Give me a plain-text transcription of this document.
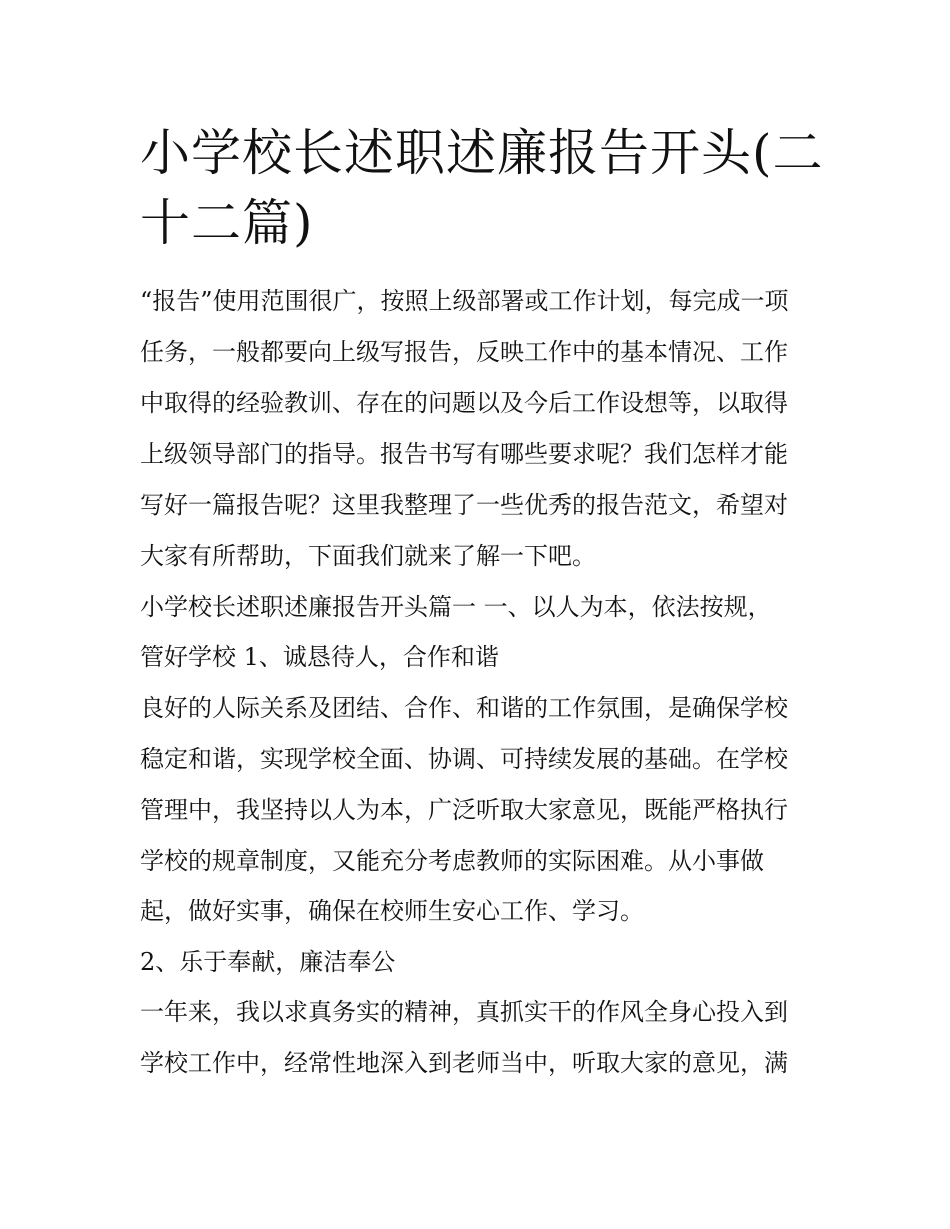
小学校长述职述廉报告开头(二
十二篇)

“报告”使用范围很广，按照上级部署或工作计划，每完成一项

任务，一般都要向上级写报告，反映工作中的基本情况、工作

中取得的经验教训、存在的问题以及今后工作设想等，以取得

上级领导部门的指导。报告书写有哪些要求呢？我们怎样才能

写好一篇报告呢？这里我整理了一些优秀的报告范文，希望对

大家有所帮助，下面我们就来了解一下吧。

小学校长述职述廉报告开头篇一 一、以人为本，依法按规，

管好学校 1、诚恳待人，合作和谐

良好的人际关系及团结、合作、和谐的工作氛围，是确保学校

稳定和谐，实现学校全面、协调、可持续发展的基础。在学校

管理中，我坚持以人为本，广泛听取大家意见，既能严格执行

学校的规章制度，又能充分考虑教师的实际困难。从小事做

起，做好实事，确保在校师生安心工作、学习。

2、乐于奉献，廉洁奉公

一年来，我以求真务实的精神，真抓实干的作风全身心投入到

学校工作中，经常性地深入到老师当中，听取大家的意见，满
